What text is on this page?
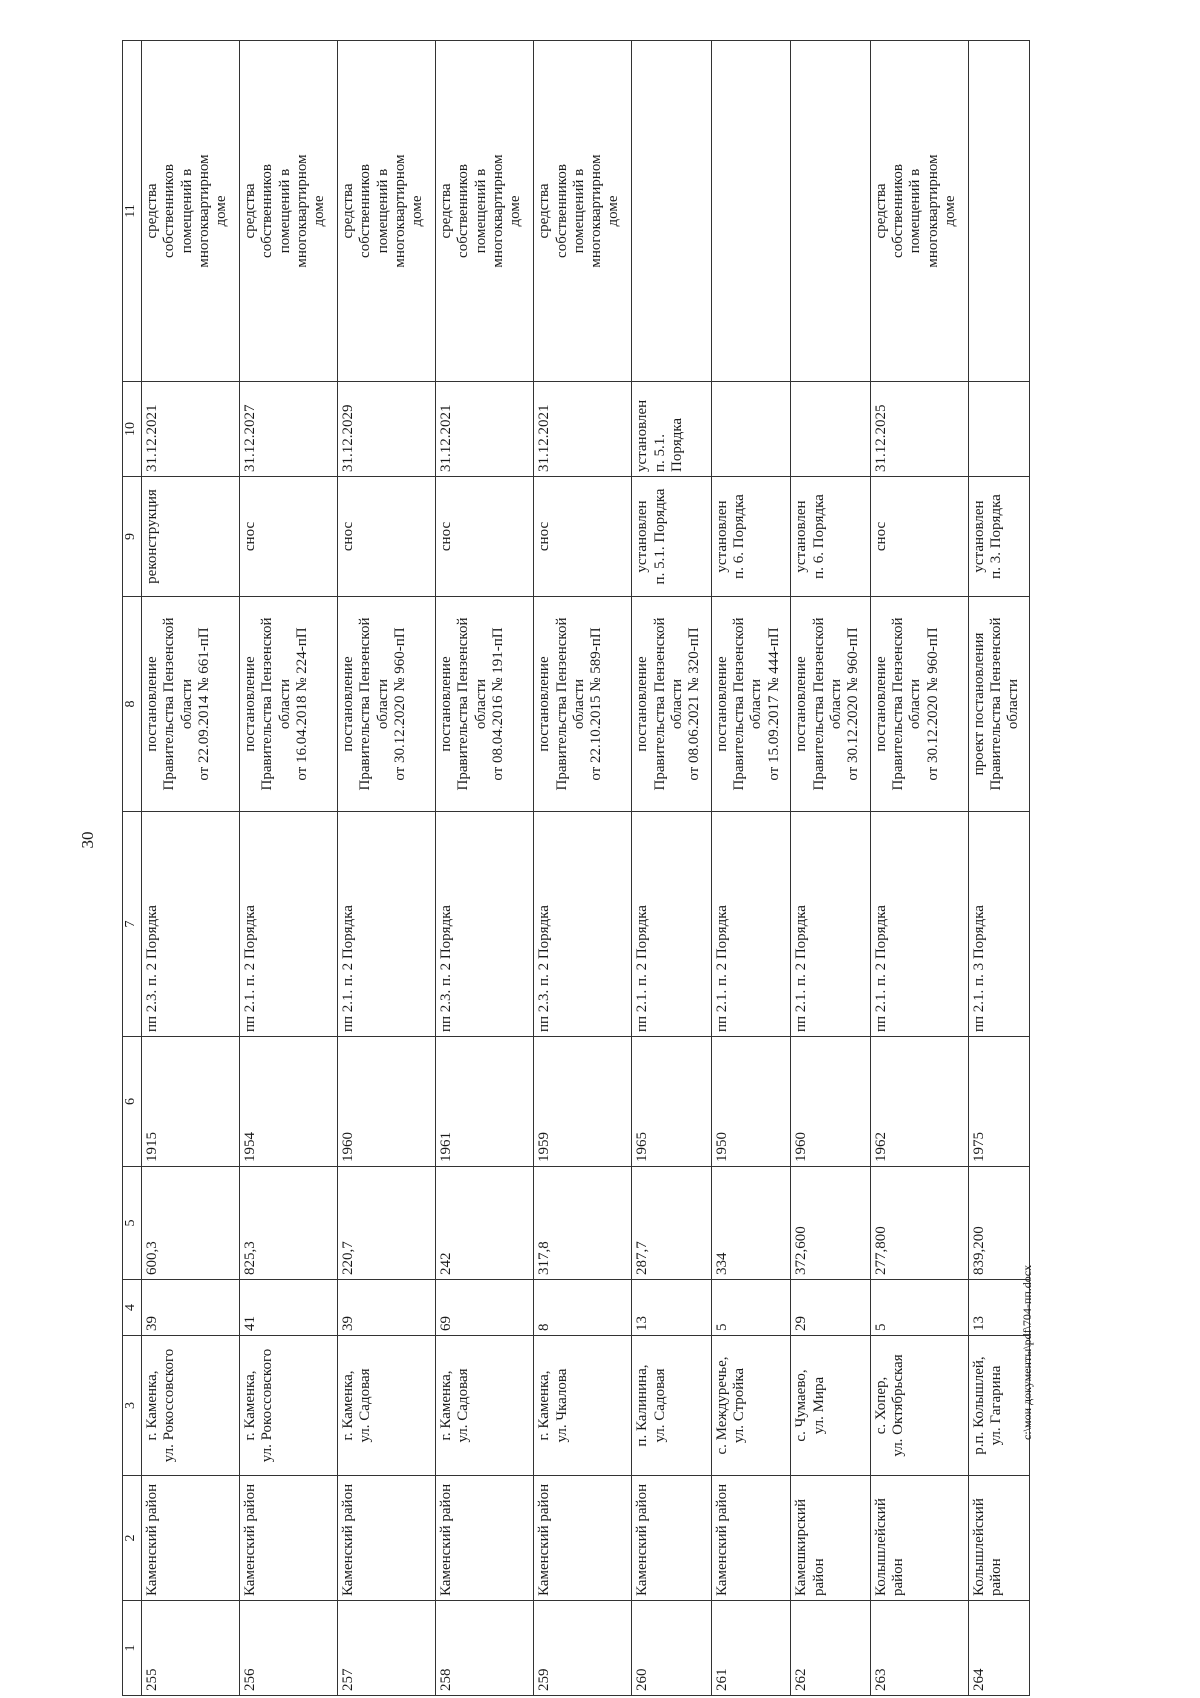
30
1	2	3	4	5	6	7	8	9	10	11
255	Каменский район	г. Каменка,
ул. Рокоссовского	39	600,3	1915	пп 2.3. п. 2 Порядка	постановление
Правительства Пензенской
области
от 22.09.2014 № 661-пП	реконструкция	31.12.2021	средства
собственников
помещений в
многоквартирном
доме
256	Каменский район	г. Каменка,
ул. Рокоссовского	41	825,3	1954	пп 2.1. п. 2 Порядка	постановление
Правительства Пензенской
области
от 16.04.2018 № 224-пП	снос	31.12.2027	средства
собственников
помещений в
многоквартирном
доме
257	Каменский район	г. Каменка,
ул. Садовая	39	220,7	1960	пп 2.1. п. 2 Порядка	постановление
Правительства Пензенской
области
от 30.12.2020 № 960-пП	снос	31.12.2029	средства
собственников
помещений в
многоквартирном
доме
258	Каменский район	г. Каменка,
ул. Садовая	69	242	1961	пп 2.3. п. 2 Порядка	постановление
Правительства Пензенской
области
от 08.04.2016 № 191-пП	снос	31.12.2021	средства
собственников
помещений в
многоквартирном
доме
259	Каменский район	г. Каменка,
ул. Чкалова	8	317,8	1959	пп 2.3. п. 2 Порядка	постановление
Правительства Пензенской
области
от 22.10.2015 № 589-пП	снос	31.12.2021	средства
собственников
помещений в
многоквартирном
доме
260	Каменский район	п. Калинина,
ул. Садовая	13	287,7	1965	пп 2.1. п. 2 Порядка	постановление
Правительства Пензенской
области
от 08.06.2021 № 320-пП	установлен
п. 5.1. Порядка	установлен
п. 5.1.
Порядка	
261	Каменский район	с. Междуречье,
ул. Стройка	5	334	1950	пп 2.1. п. 2 Порядка	постановление
Правительства Пензенской
области
от 15.09.2017 № 444-пП	установлен
п. 6. Порядка		
262	Камешкирский
район	с. Чумаево,
ул. Мира	29	372,600	1960	пп 2.1. п. 2 Порядка	постановление
Правительства Пензенской
области
от 30.12.2020 № 960-пП	установлен
п. 6. Порядка		
263	Колышлейский
район	с. Хопер,
ул. Октябрьская	5	277,800	1962	пп 2.1. п. 2 Порядка	постановление
Правительства Пензенской
области
от 30.12.2020 № 960-пП	снос	31.12.2025	средства
собственников
помещений в
многоквартирном
доме
264	Колышлейский
район	р.п. Колышлей,
ул. Гагарина	13	839,200	1975	пп 2.1. п. 3 Порядка	проект постановления
Правительства Пензенской
области	установлен
п. 3. Порядка		
c:\мои документы\pdf\704-пп.docx
